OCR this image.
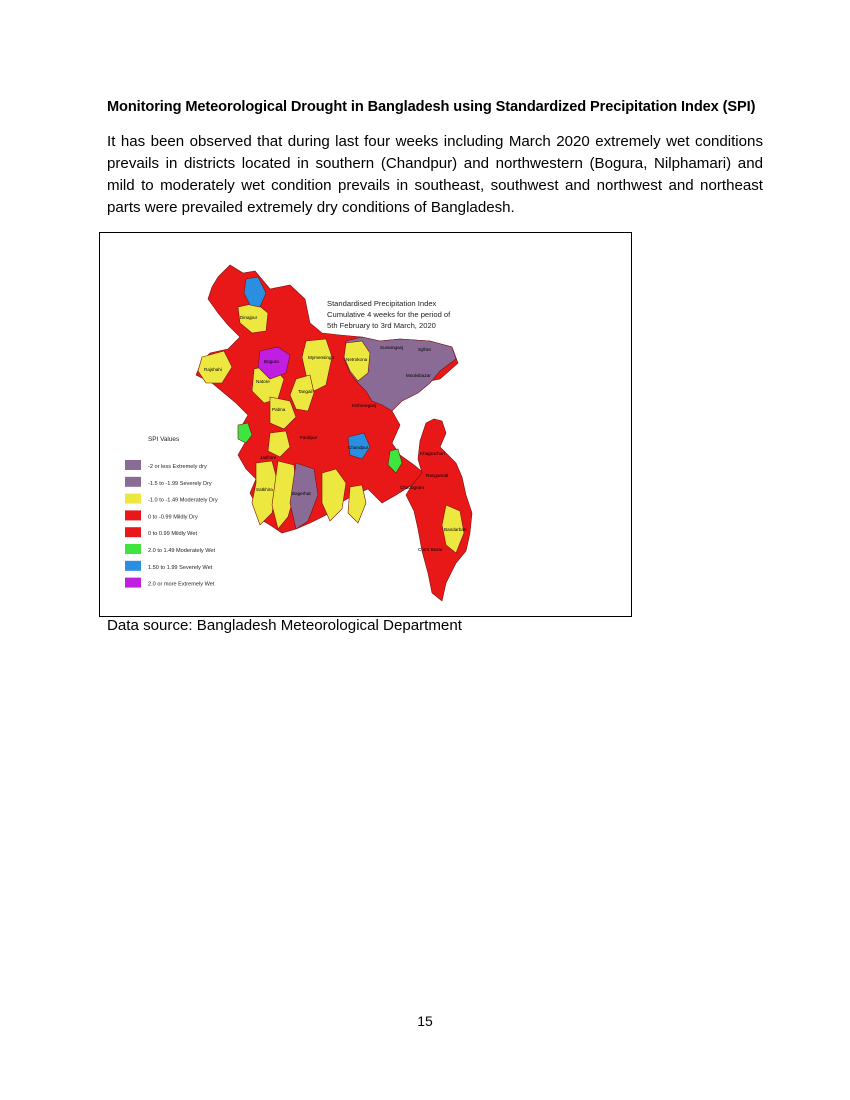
Monitoring Meteorological Drought in Bangladesh using Standardized Precipitation Index (SPI)
It has been observed that during last four weeks including March 2020 extremely wet conditions prevails in districts located in southern (Chandpur) and northwestern (Bogura, Nilphamari) and mild to moderately wet condition prevails in southeast, southwest and northwest and northeast parts were prevailed extremely dry conditions of Bangladesh.
Dinajpur
Bogura
Rajshahi
Natore
Pabna
Tangail
Mymensingh	Netrokona
Sunamganj	Sylhet
Moulvibazar
Kishoreganj
Chandpur
Khagrachari
Rangamati
Chattogram
Bandarban
Cox's Bazar
Jashore
Satkhira
Bagerhat
Faridpur
Standardised Precipitation Index
Cumulative 4 weeks for the period of
5th February to 3rd March, 2020
SPI Values
-2 or less Extremely dry
-1.5 to -1.99 Severely Dry
-1.0 to -1.49 Moderately Dry
0 to -0.99 Mildly Dry
0 to 0.99 Mildly Wet
2.0 to 1.49 Moderately Wet
1.50 to 1.99 Severely Wet
2.0 or more Extremely Wet
Data source: Bangladesh Meteorological Department
15
